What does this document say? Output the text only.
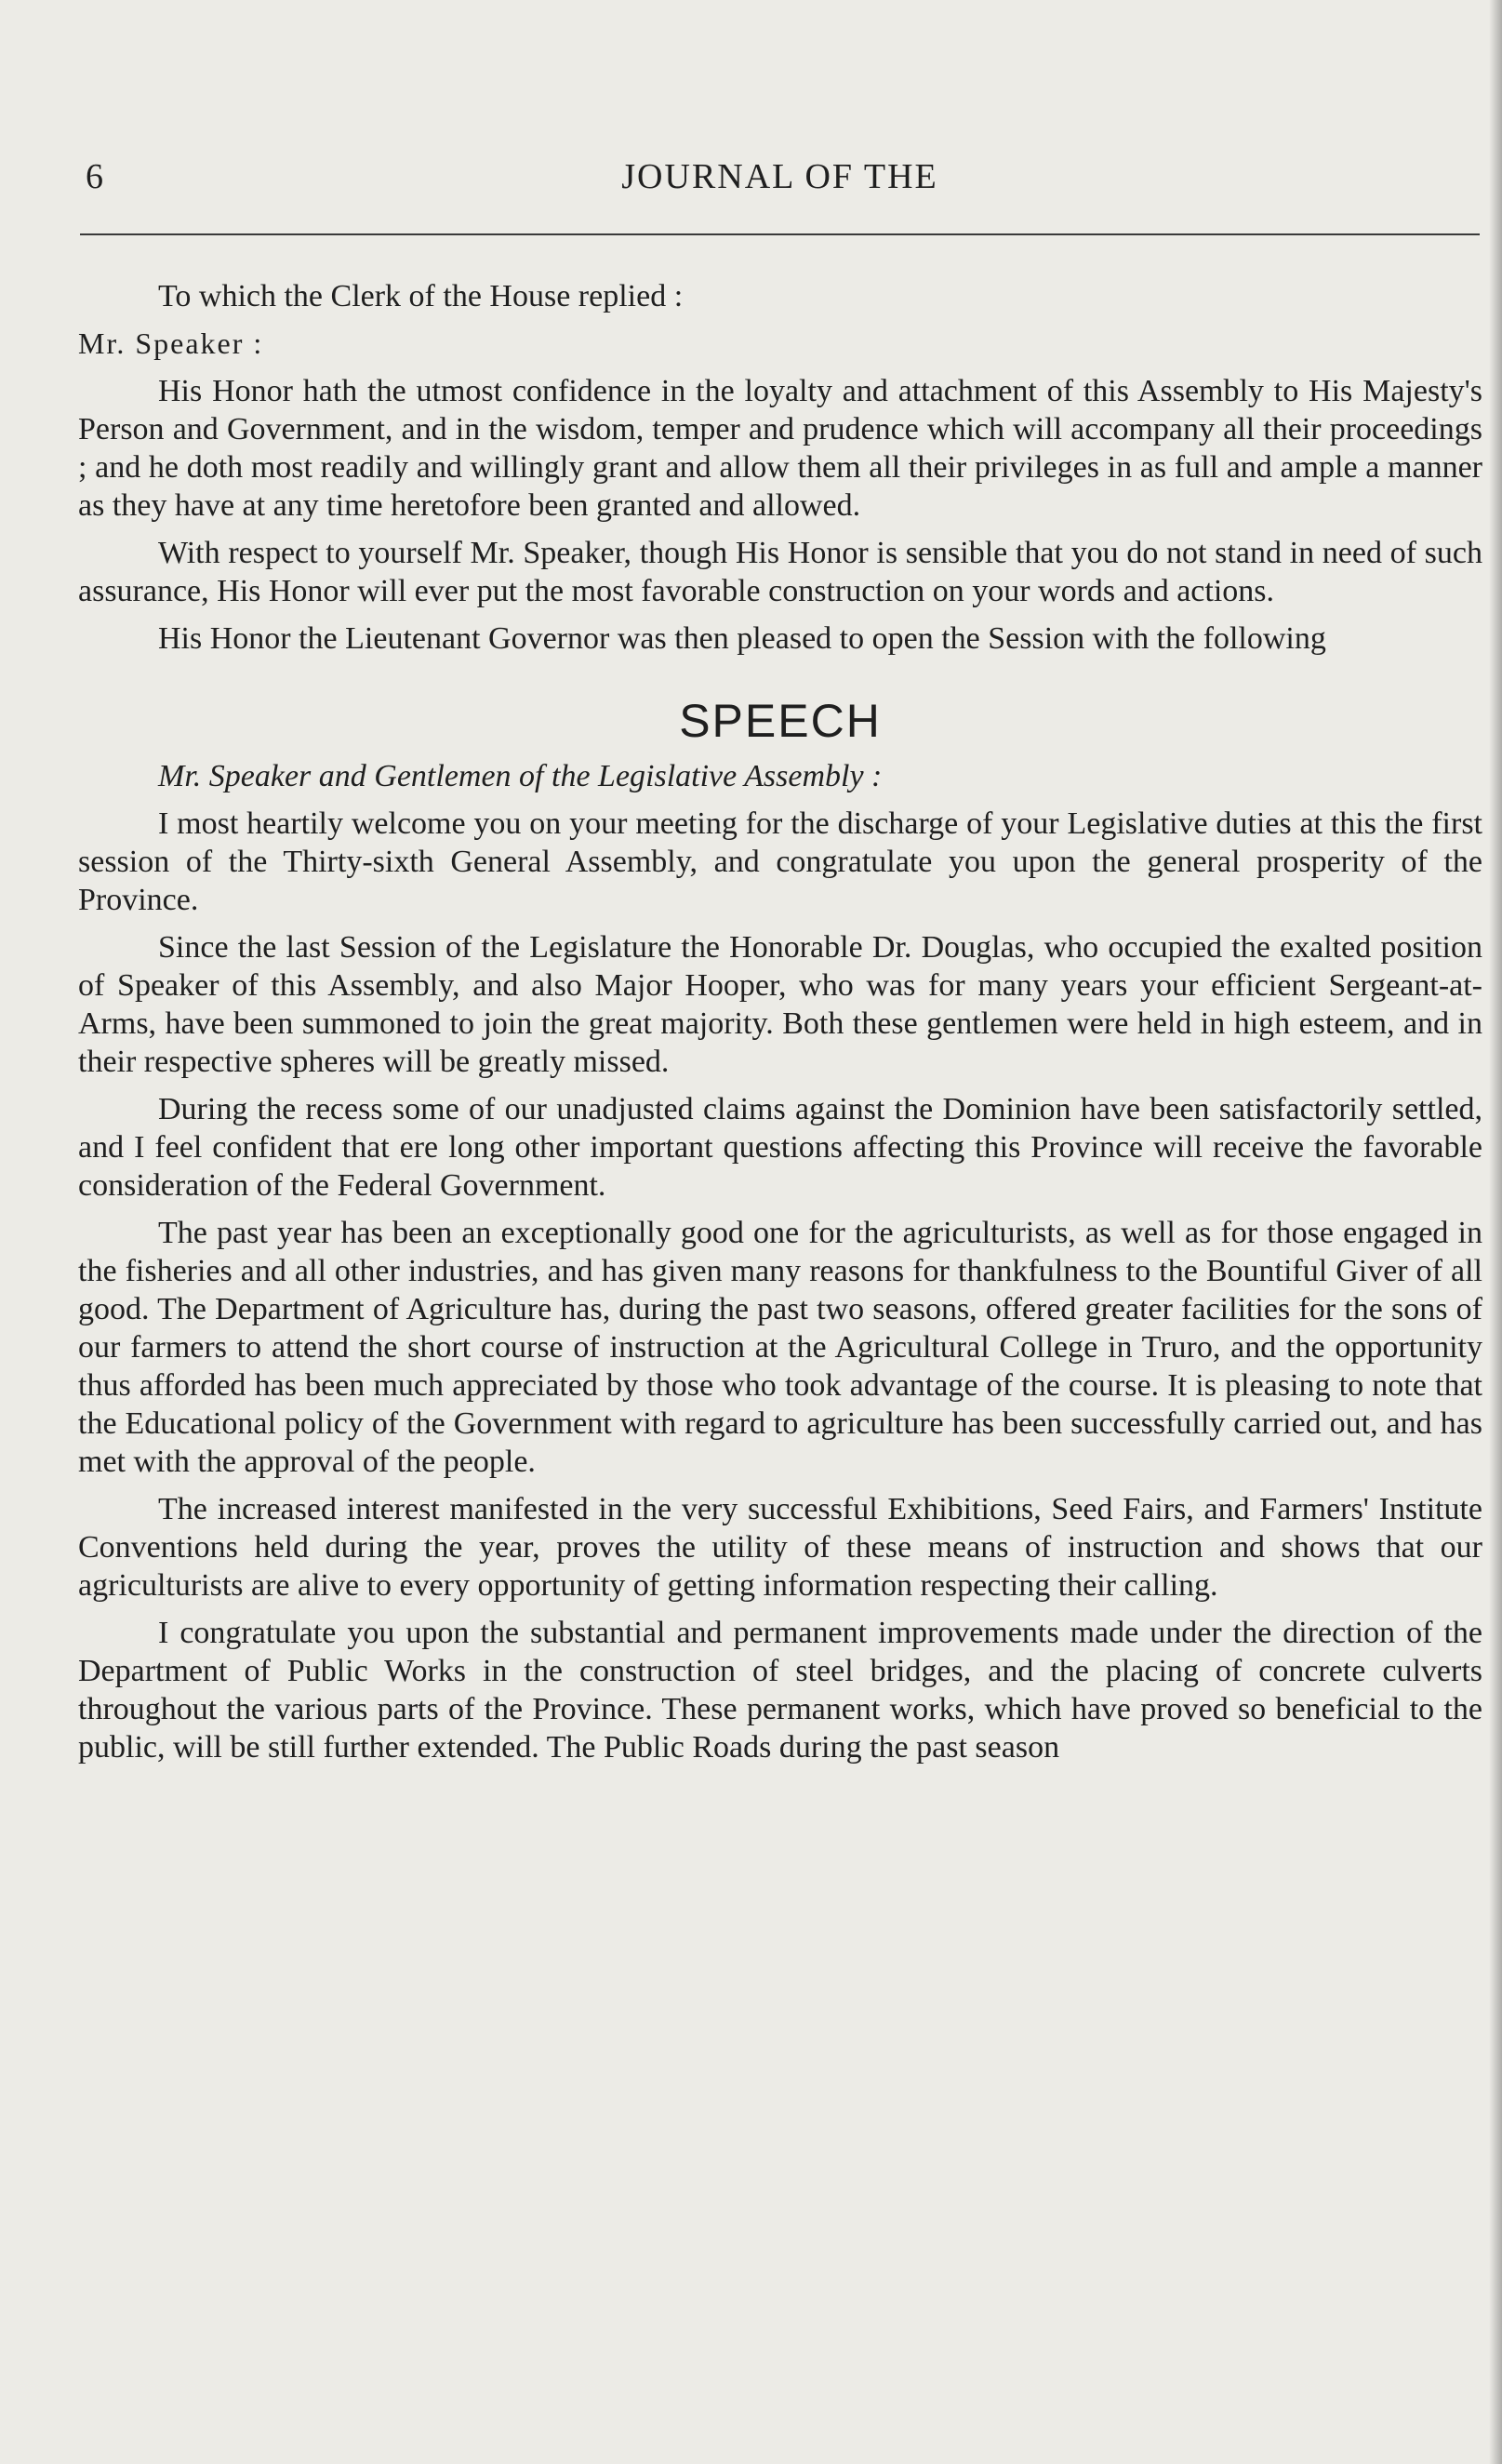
6	JOURNAL OF THE

To which the Clerk of the House replied :

Mr. Speaker :

His Honor hath the utmost confidence in the loyalty and attachment of this Assembly to His Majesty's Person and Government, and in the wisdom, temper and prudence which will accompany all their proceedings ; and he doth most readily and willingly grant and allow them all their privileges in as full and ample a manner as they have at any time heretofore been granted and allowed.

With respect to yourself Mr. Speaker, though His Honor is sensible that you do not stand in need of such assurance, His Honor will ever put the most favorable construction on your words and actions.

His Honor the Lieutenant Governor was then pleased to open the Session with the following

SPEECH

Mr. Speaker and Gentlemen of the Legislative Assembly :

I most heartily welcome you on your meeting for the discharge of your Legislative duties at this the first session of the Thirty-sixth General Assembly, and congratulate you upon the general prosperity of the Province.

Since the last Session of the Legislature the Honorable Dr. Douglas, who occupied the exalted position of Speaker of this Assembly, and also Major Hooper, who was for many years your efficient Sergeant-at-Arms, have been summoned to join the great majority. Both these gentlemen were held in high esteem, and in their respective spheres will be greatly missed.

During the recess some of our unadjusted claims against the Dominion have been satisfactorily settled, and I feel confident that ere long other important questions affecting this Province will receive the favorable consideration of the Federal Government.

The past year has been an exceptionally good one for the agriculturists, as well as for those engaged in the fisheries and all other industries, and has given many reasons for thankfulness to the Bountiful Giver of all good. The Department of Agriculture has, during the past two seasons, offered greater facilities for the sons of our farmers to attend the short course of instruction at the Agricultural College in Truro, and the opportunity thus afforded has been much appreciated by those who took advantage of the course. It is pleasing to note that the Educational policy of the Government with regard to agriculture has been successfully carried out, and has met with the approval of the people.

The increased interest manifested in the very successful Exhibitions, Seed Fairs, and Farmers' Institute Conventions held during the year, proves the utility of these means of instruction and shows that our agriculturists are alive to every opportunity of getting information respecting their calling.

I congratulate you upon the substantial and permanent improvements made under the direction of the Department of Public Works in the construction of steel bridges, and the placing of concrete culverts throughout the various parts of the Province. These permanent works, which have proved so beneficial to the public, will be still further extended. The Public Roads during the past season
